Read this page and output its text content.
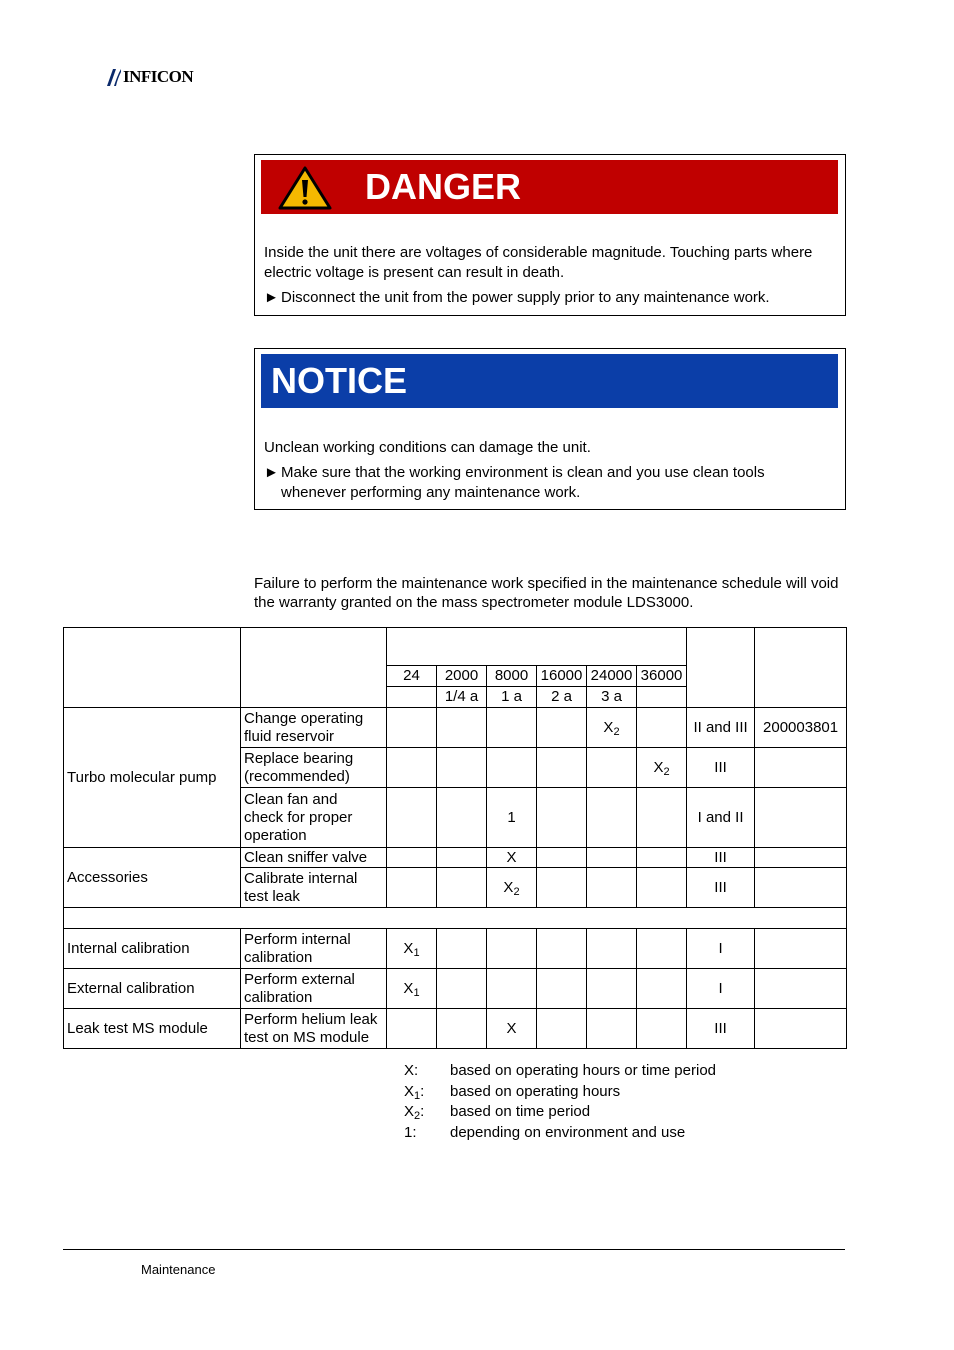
INFICON
DANGER
Inside the unit there are voltages of considerable magnitude. Touching parts where electric voltage is present can result in death.
► Disconnect the unit from the power supply prior to any maintenance work.
NOTICE
Unclean working conditions can damage the unit.
► Make sure that the working environment is clean and you use clean tools
whenever performing any maintenance work.
Failure to perform the maintenance work specified in the maintenance schedule will void the warranty granted on the mass spectrometer module LDS3000.

		24	2000	8000	16000	24000	36000		
			1/4 a	1 a	2 a	3 a			
Turbo molecular pump	Change operating
fluid reservoir					$X_2$		II and III	200003801

	Replace bearing
(recommended)						$X_2$	III	

	Clean fan and
check for proper
operation			1				I and II	
Accessories	Clean sniffer valve			X				III	

	Calibrate internal
test leak			$X_2$				III	

Internal calibration	Perform internal
calibration	$X_1$						I	
External calibration	Perform external
calibration	$X_1$						I	
Leak test MS module	Perform helium leak
test on MS module			X				III	
X:	based on operating hours or time period
$X_1$:	based on operating hours
$X_2$:	based on time period
1:	depending on environment and use
Maintenance
